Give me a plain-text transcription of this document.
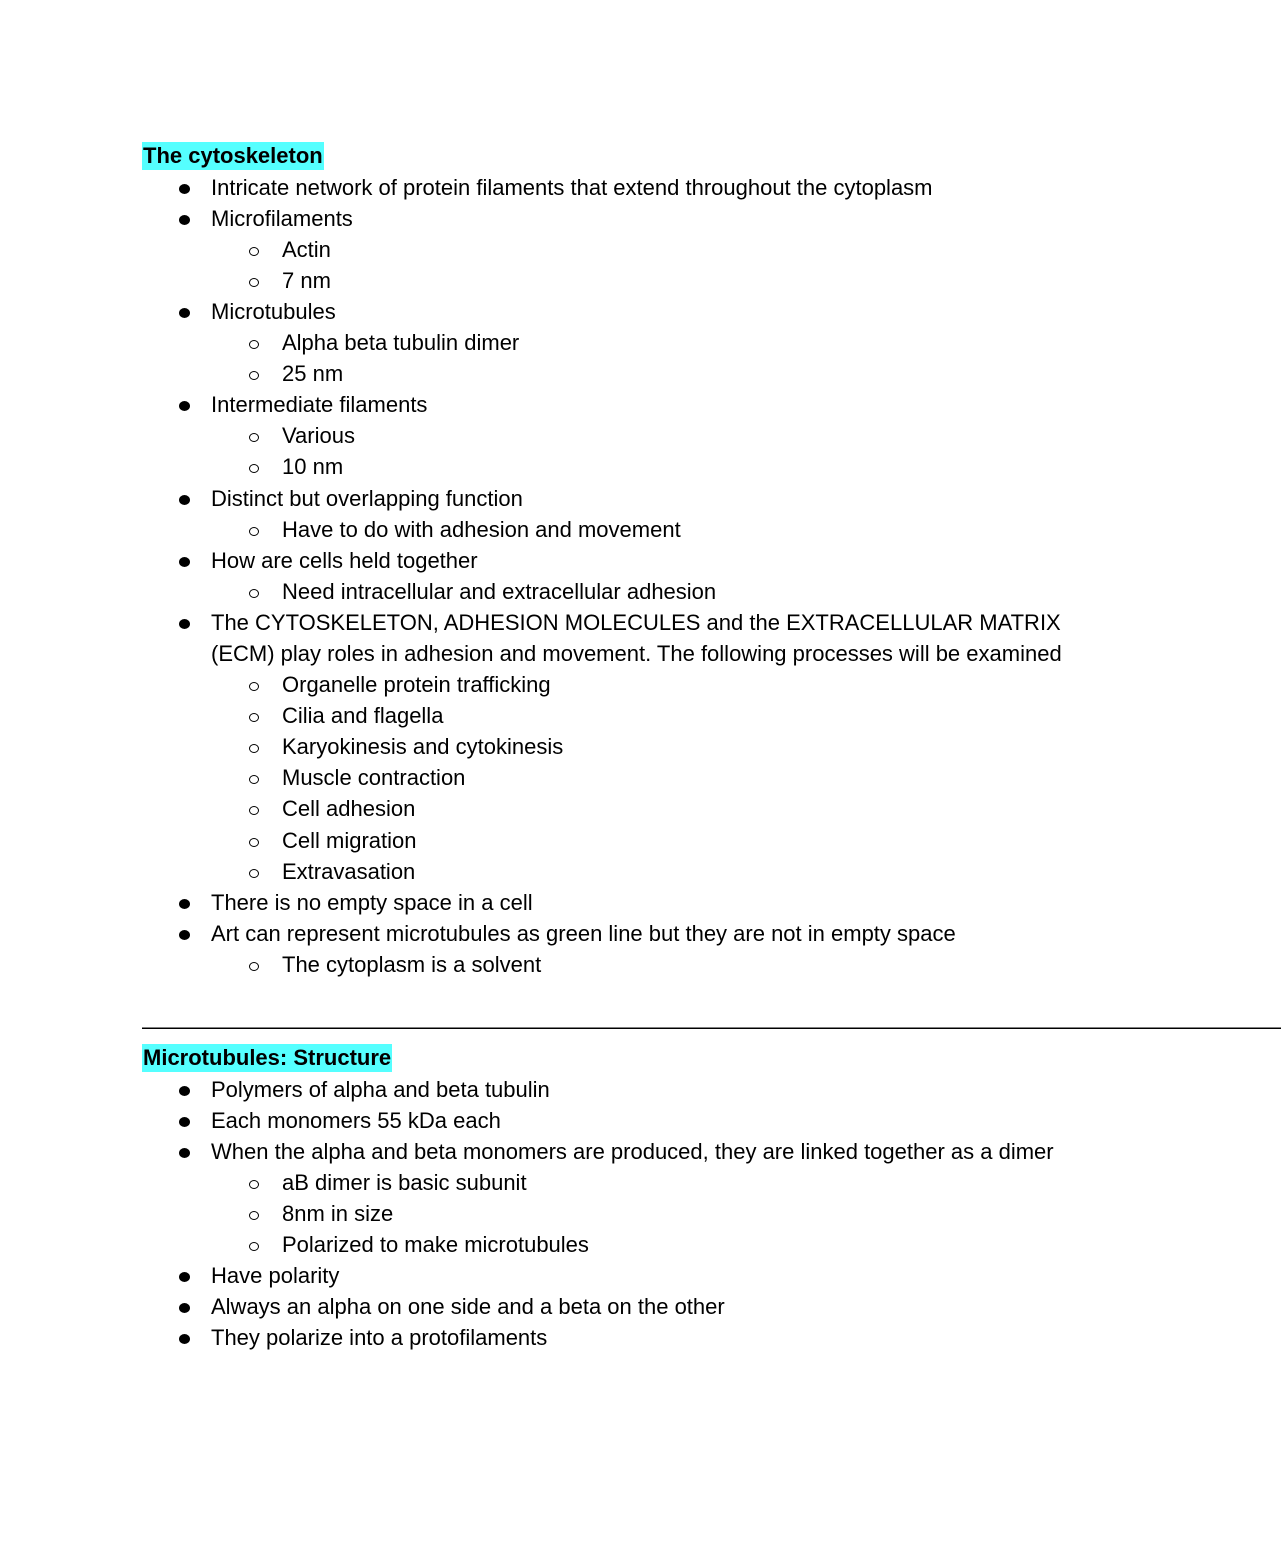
The cytoskeleton
Intricate network of protein filaments that extend throughout the cytoplasm
Microfilaments
Actin
7 nm
Microtubules
Alpha beta tubulin dimer
25 nm
Intermediate filaments
Various
10 nm
Distinct but overlapping function
Have to do with adhesion and movement
How are cells held together
Need intracellular and extracellular adhesion
The CYTOSKELETON, ADHESION MOLECULES and the EXTRACELLULAR MATRIX (ECM) play roles in adhesion and movement. The following processes will be examined
Organelle protein trafficking
Cilia and flagella
Karyokinesis and cytokinesis
Muscle contraction
Cell adhesion
Cell migration
Extravasation
There is no empty space in a cell
Art can represent microtubules as green line but they are not in empty space
The cytoplasm is a solvent
——————————————————————————————————————————————————————
Microtubules: Structure
Polymers of alpha and beta tubulin
Each monomers 55 kDa each
When the alpha and beta monomers are produced, they are linked together as a dimer
aB dimer is basic subunit
8nm in size
Polarized to make microtubules
Have polarity
Always an alpha on one side and a beta on the other
They polarize into a protofilaments
